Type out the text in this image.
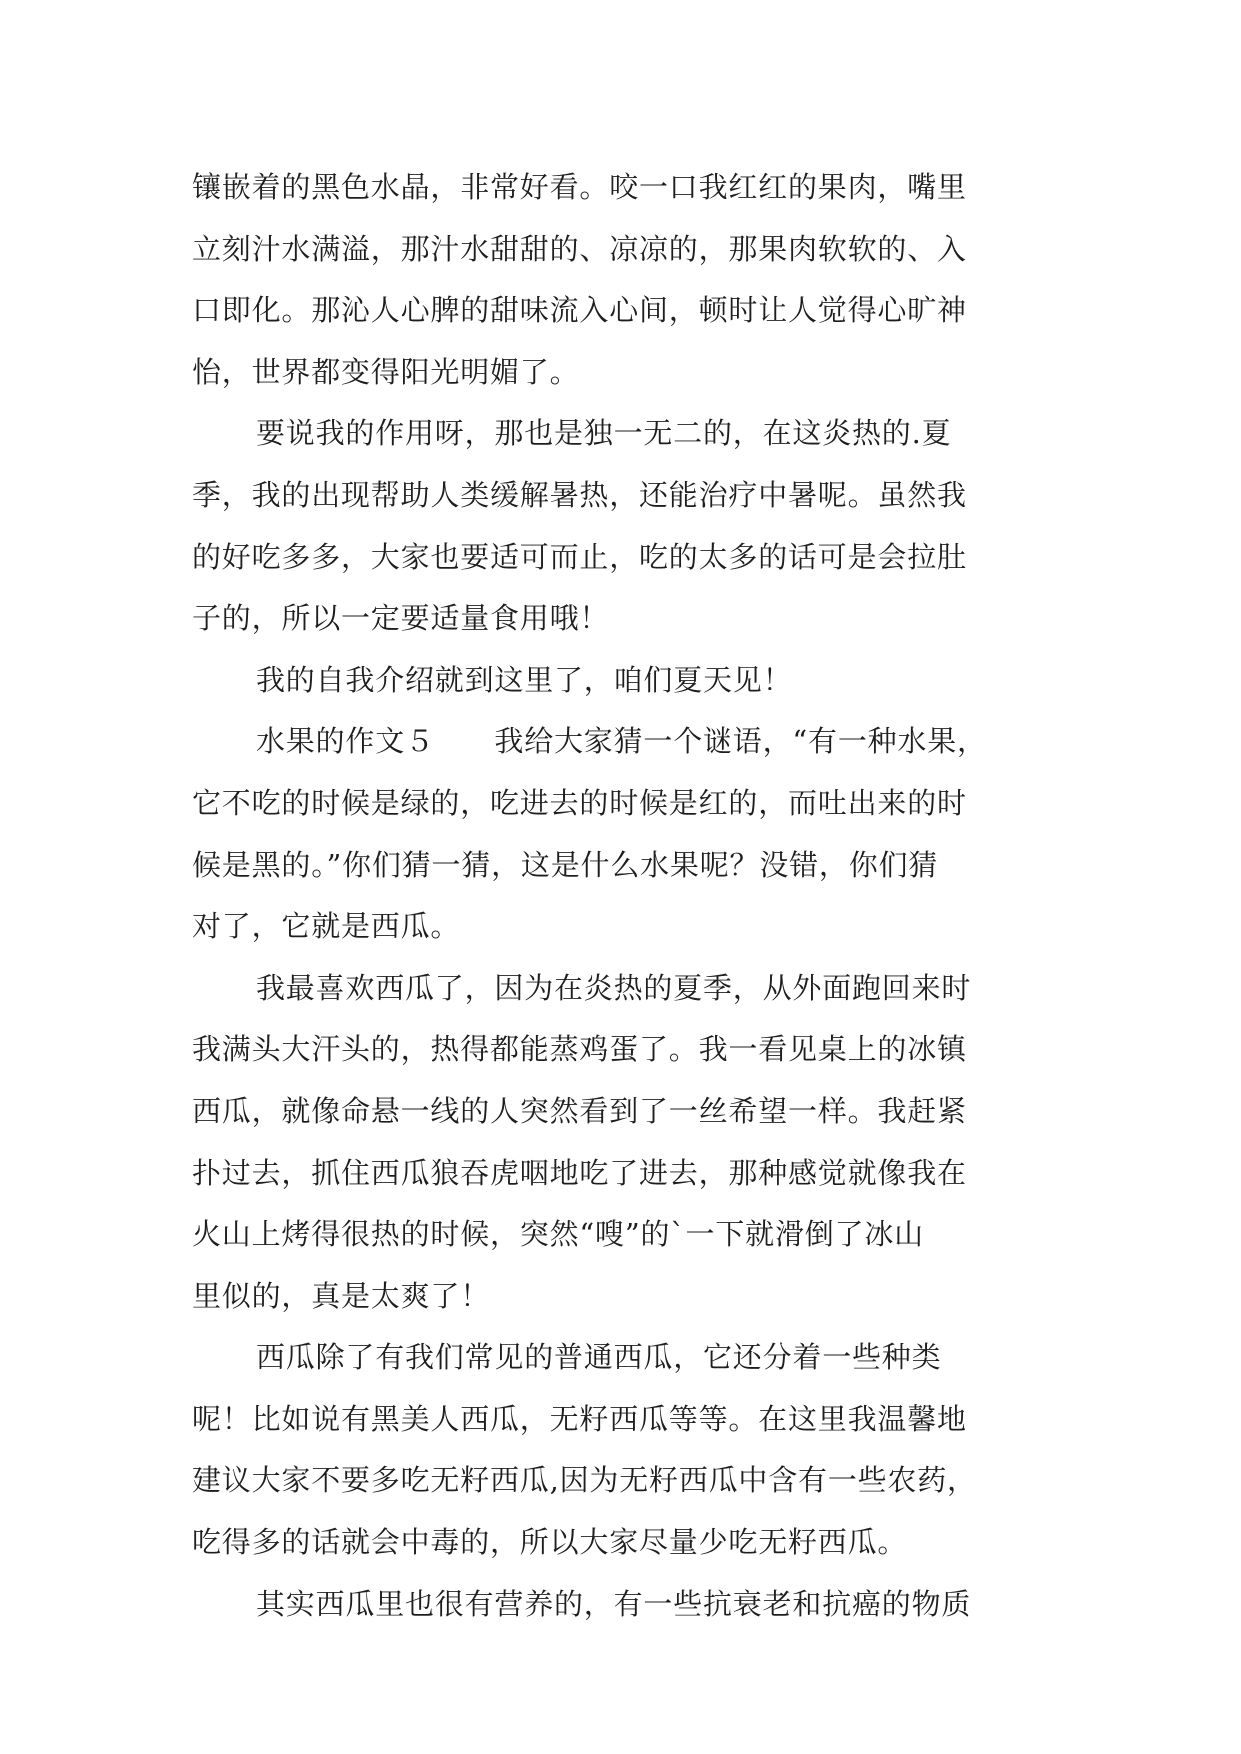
镶嵌着的黑色水晶，非常好看。咬一口我红红的果肉，嘴里
立刻汁水满溢，那汁水甜甜的、凉凉的，那果肉软软的、入
口即化。那沁人心脾的甜味流入心间，顿时让人觉得心旷神
怡，世界都变得阳光明媚了。
要说我的作用呀，那也是独一无二的，在这炎热的.夏
季，我的出现帮助人类缓解暑热，还能治疗中暑呢。虽然我
的好吃多多，大家也要适可而止，吃的太多的话可是会拉肚
子的，所以一定要适量食用哦！
我的自我介绍就到这里了，咱们夏天见！
水果的作文５　　我给大家猜一个谜语，“有一种水果，
它不吃的时候是绿的，吃进去的时候是红的，而吐出来的时
候是黑的。”你们猜一猜，这是什么水果呢？没错，你们猜
对了，它就是西瓜。
我最喜欢西瓜了，因为在炎热的夏季，从外面跑回来时
我满头大汗头的，热得都能蒸鸡蛋了。我一看见桌上的冰镇
西瓜，就像命悬一线的人突然看到了一丝希望一样。我赶紧
扑过去，抓住西瓜狼吞虎咽地吃了进去，那种感觉就像我在
火山上烤得很热的时候，突然“嗖”的`一下就滑倒了冰山
里似的，真是太爽了！
西瓜除了有我们常见的普通西瓜，它还分着一些种类
呢！比如说有黑美人西瓜，无籽西瓜等等。在这里我温馨地
建议大家不要多吃无籽西瓜,因为无籽西瓜中含有一些农药，
吃得多的话就会中毒的，所以大家尽量少吃无籽西瓜。
其实西瓜里也很有营养的，有一些抗衰老和抗癌的物质
